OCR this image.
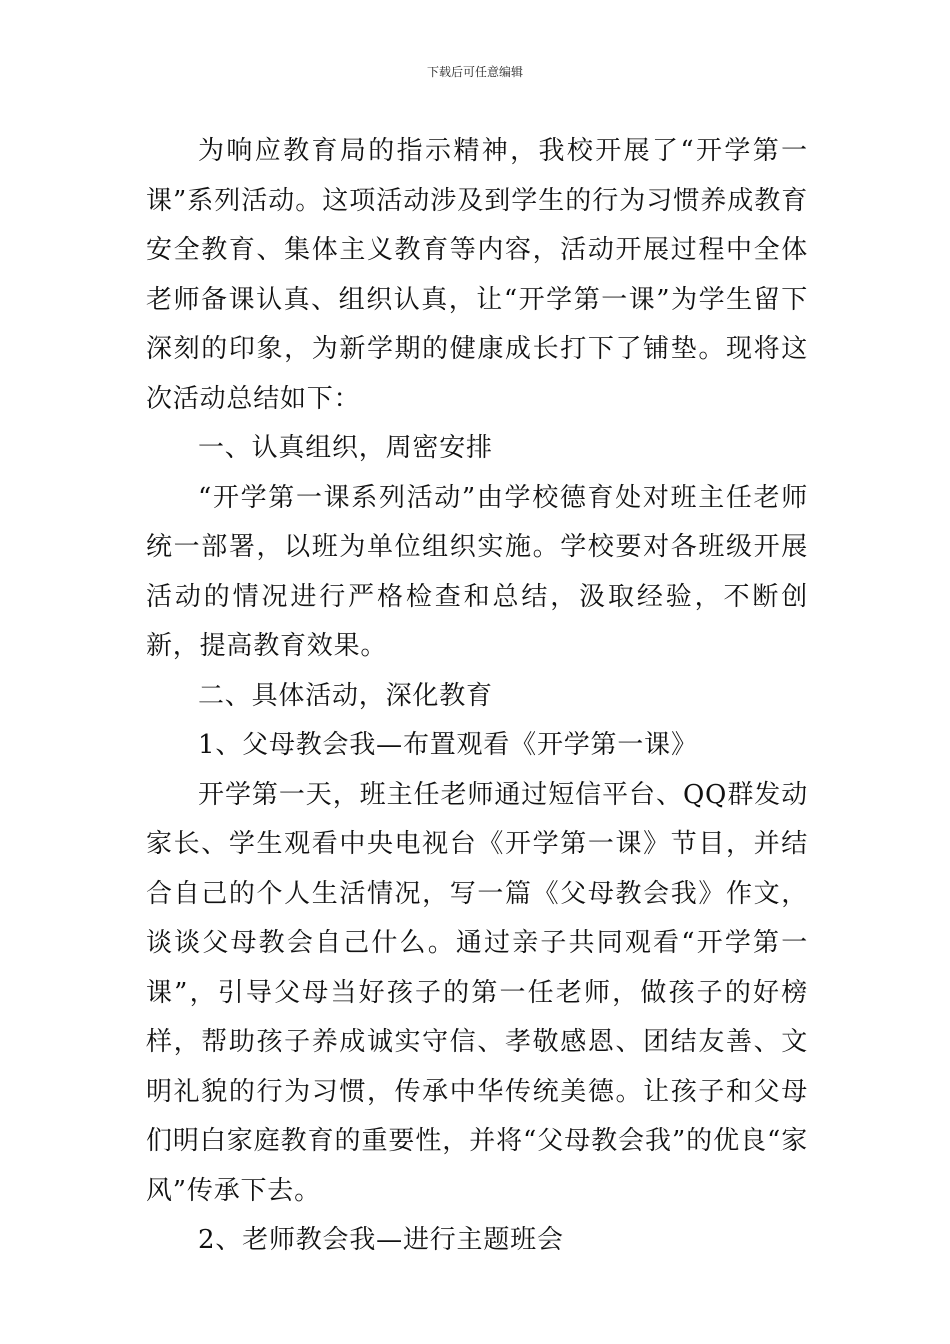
下载后可任意编辑

为响应教育局的指示精神，我校开展了“开学第一课”系列活动。这项活动涉及到学生的行为习惯养成教育安全教育、集体主义教育等内容，活动开展过程中全体老师备课认真、组织认真，让“开学第一课”为学生留下深刻的印象，为新学期的健康成长打下了铺垫。现将这次活动总结如下：

一、认真组织，周密安排

“开学第一课系列活动”由学校德育处对班主任老师统一部署，以班为单位组织实施。学校要对各班级开展活动的情况进行严格检查和总结，汲取经验，不断创新，提高教育效果。

二、具体活动，深化教育

1、父母教会我—布置观看《开学第一课》

开学第一天，班主任老师通过短信平台、QQ群发动家长、学生观看中央电视台《开学第一课》节目，并结合自己的个人生活情况，写一篇《父母教会我》作文，谈谈父母教会自己什么。通过亲子共同观看“开学第一课”，引导父母当好孩子的第一任老师，做孩子的好榜样，帮助孩子养成诚实守信、孝敬感恩、团结友善、文明礼貌的行为习惯，传承中华传统美德。让孩子和父母们明白家庭教育的重要性，并将“父母教会我”的优良“家风”传承下去。

2、老师教会我—进行主题班会
